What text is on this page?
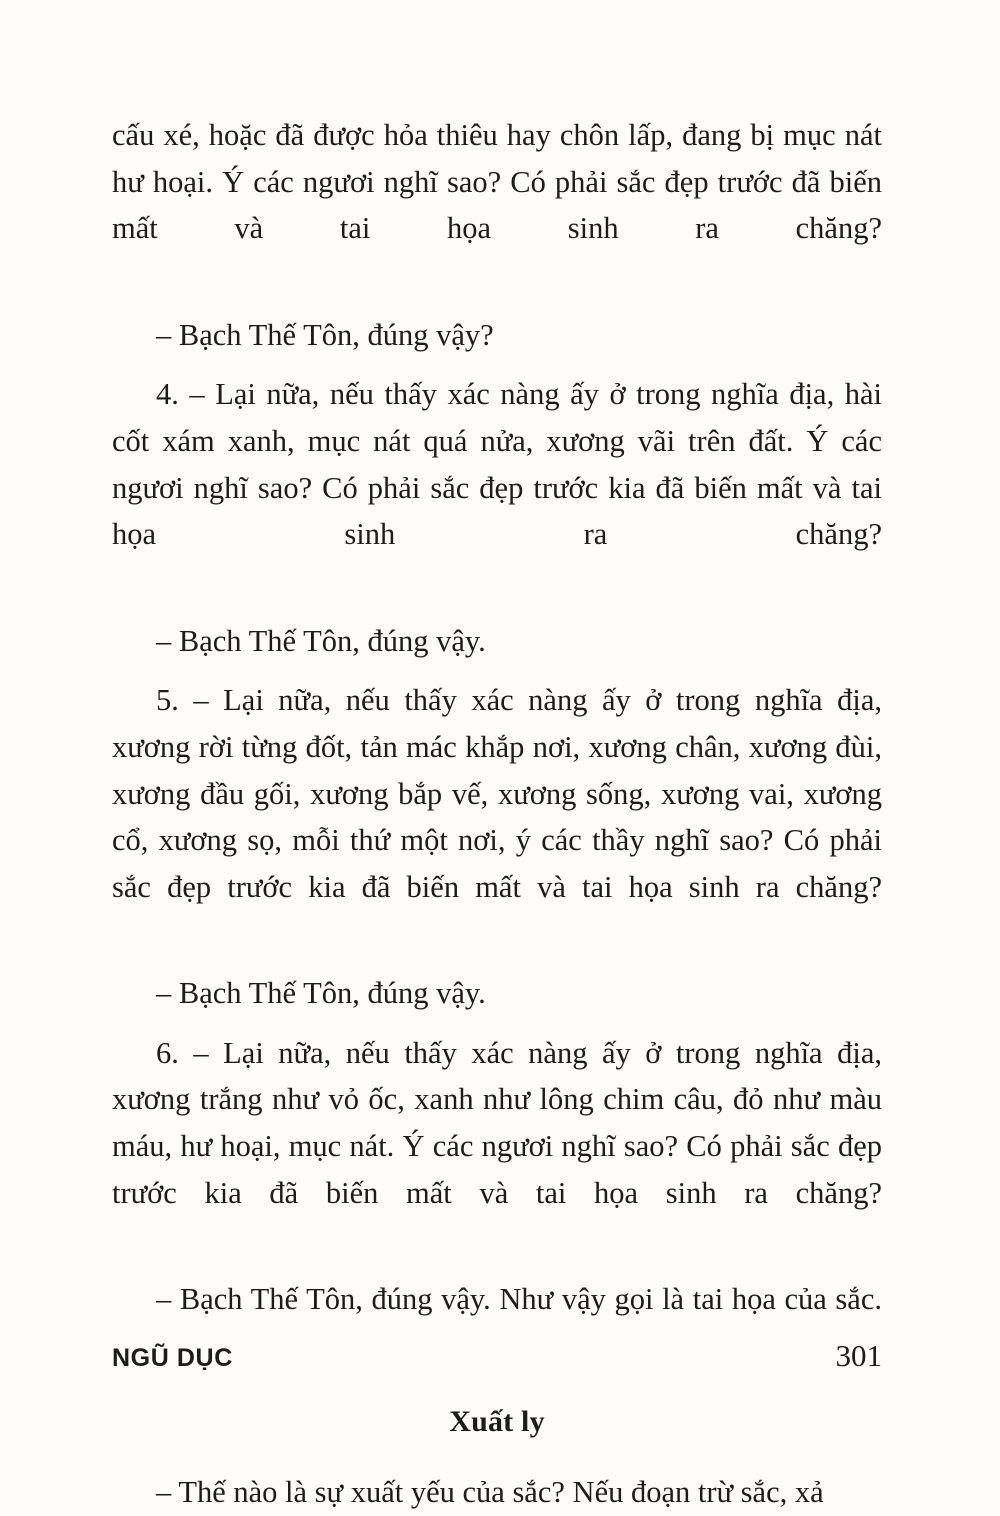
cấu xé, hoặc đã được hỏa thiêu hay chôn lấp, đang bị mục nát hư hoại. Ý các ngươi nghĩ sao? Có phải sắc đẹp trước đã biến mất và tai họa sinh ra chăng?

– Bạch Thế Tôn, đúng vậy?

4. – Lại nữa, nếu thấy xác nàng ấy ở trong nghĩa địa, hài cốt xám xanh, mục nát quá nửa, xương vãi trên đất. Ý các ngươi nghĩ sao? Có phải sắc đẹp trước kia đã biến mất và tai họa sinh ra chăng?

– Bạch Thế Tôn, đúng vậy.

5. – Lại nữa, nếu thấy xác nàng ấy ở trong nghĩa địa, xương rời từng đốt, tản mác khắp nơi, xương chân, xương đùi, xương đầu gối, xương bắp vế, xương sống, xương vai, xương cổ, xương sọ, mỗi thứ một nơi, ý các thầy nghĩ sao? Có phải sắc đẹp trước kia đã biến mất và tai họa sinh ra chăng?

– Bạch Thế Tôn, đúng vậy.

6. – Lại nữa, nếu thấy xác nàng ấy ở trong nghĩa địa, xương trắng như vỏ ốc, xanh như lông chim câu, đỏ như màu máu, hư hoại, mục nát. Ý các ngươi nghĩ sao? Có phải sắc đẹp trước kia đã biến mất và tai họa sinh ra chăng?

– Bạch Thế Tôn, đúng vậy. Như vậy gọi là tai họa của sắc.

Xuất ly

– Thế nào là sự xuất yếu của sắc? Nếu đoạn trừ sắc, xả

NGŨ DỤC	301
